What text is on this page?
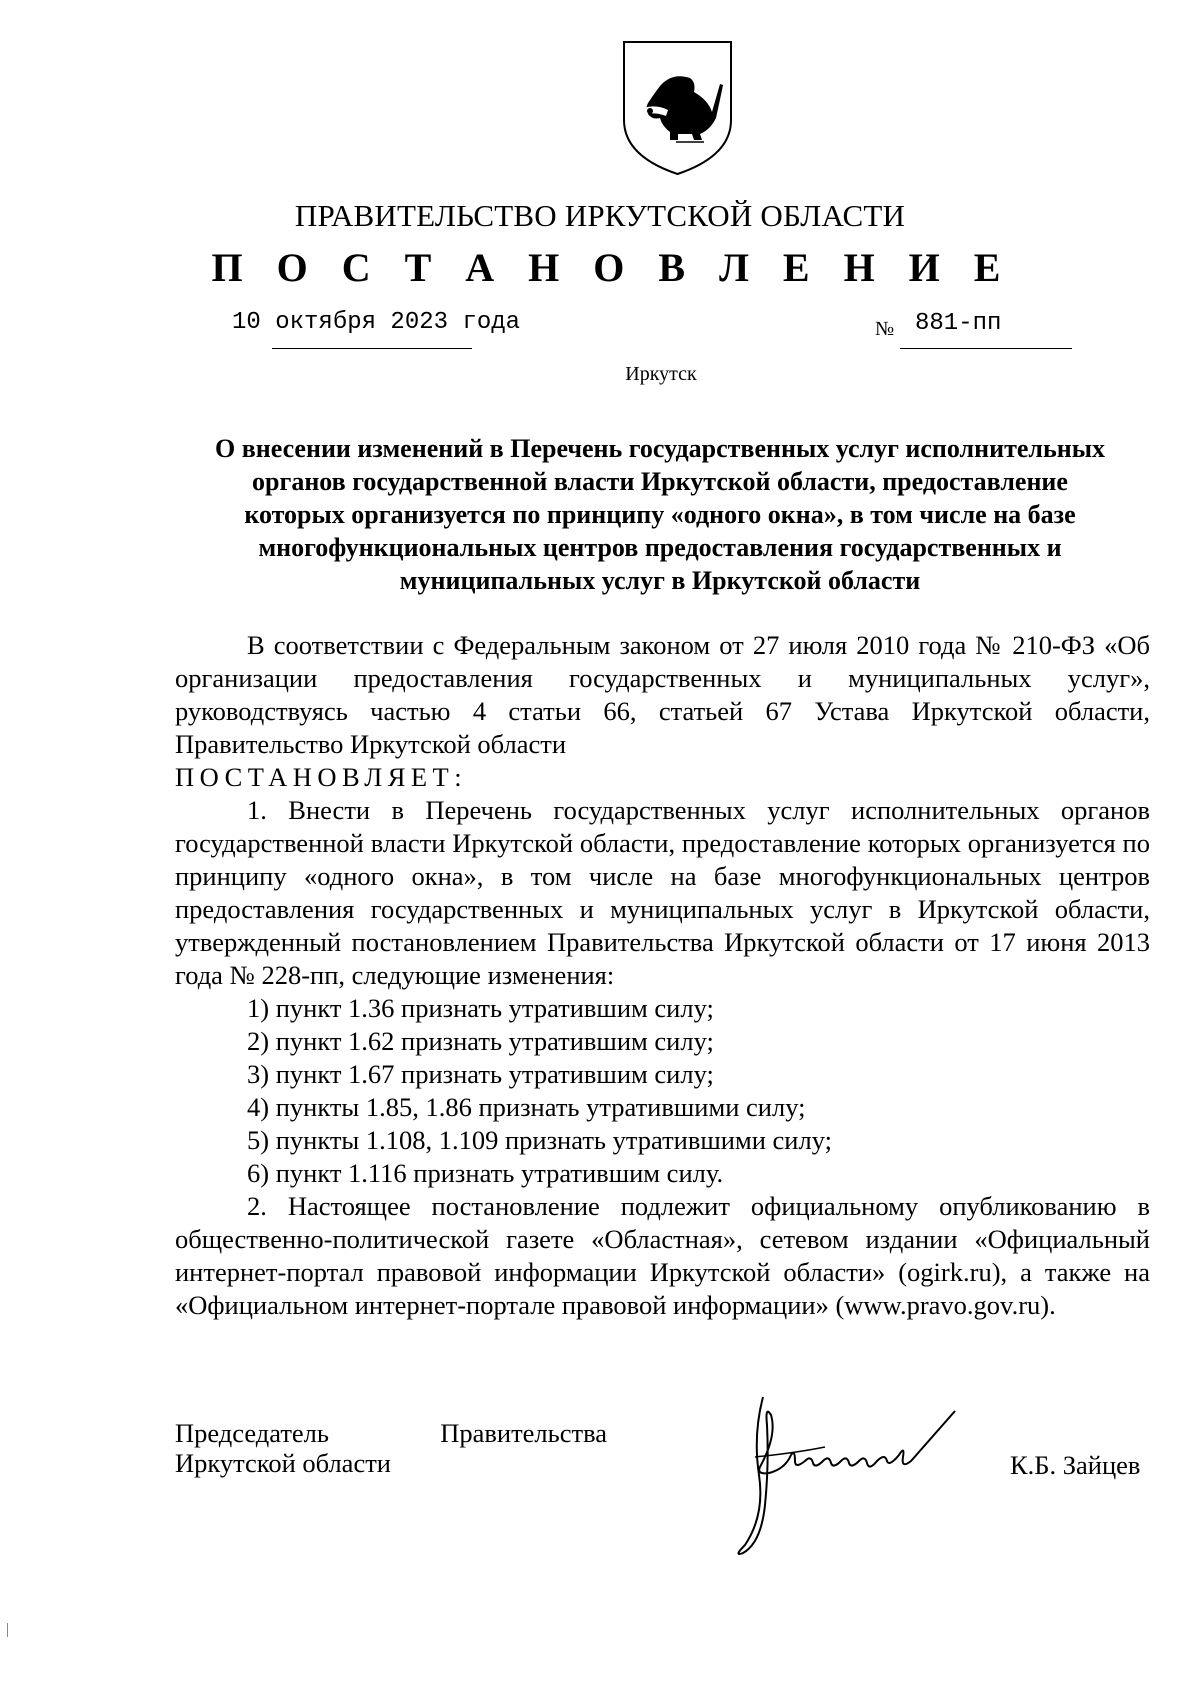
ПРАВИТЕЛЬСТВО ИРКУТСКОЙ ОБЛАСТИ
П О С Т А Н О В Л Е Н И Е
10 октября 2023 года	№ 881-пп
Иркутск
О внесении изменений в Перечень государственных услуг исполнительных
органов государственной власти Иркутской области, предоставление
которых организуется по принципу «одного окна», в том числе на базе
многофункциональных центров предоставления государственных и
муниципальных услуг в Иркутской области
В соответствии с Федеральным законом от 27 июля 2010 года № 210-ФЗ «Об организации предоставления государственных и муниципальных услуг», руководствуясь частью 4 статьи 66, статьей 67 Устава Иркутской области, Правительство Иркутской области
ПОСТАНОВЛЯЕТ:
1. Внести в Перечень государственных услуг исполнительных органов государственной власти Иркутской области, предоставление которых организуется по принципу «одного окна», в том числе на базе многофункциональных центров предоставления государственных и муниципальных услуг в Иркутской области, утвержденный постановлением Правительства Иркутской области от 17 июня 2013 года № 228-пп, следующие изменения:
1) пункт 1.36 признать утратившим силу;
2) пункт 1.62 признать утратившим силу;
3) пункт 1.67 признать утратившим силу;
4) пункты 1.85, 1.86 признать утратившими силу;
5) пункты 1.108, 1.109 признать утратившими силу;
6) пункт 1.116 признать утратившим силу.
2. Настоящее постановление подлежит официальному опубликованию в общественно-политической газете «Областная», сетевом издании «Официальный интернет-портал правовой информации Иркутской области» (ogirk.ru), а также на «Официальном интернет-портале правовой информации» (www.pravo.gov.ru).
Председатель	Правительства
Иркутской области	К.Б. Зайцев
